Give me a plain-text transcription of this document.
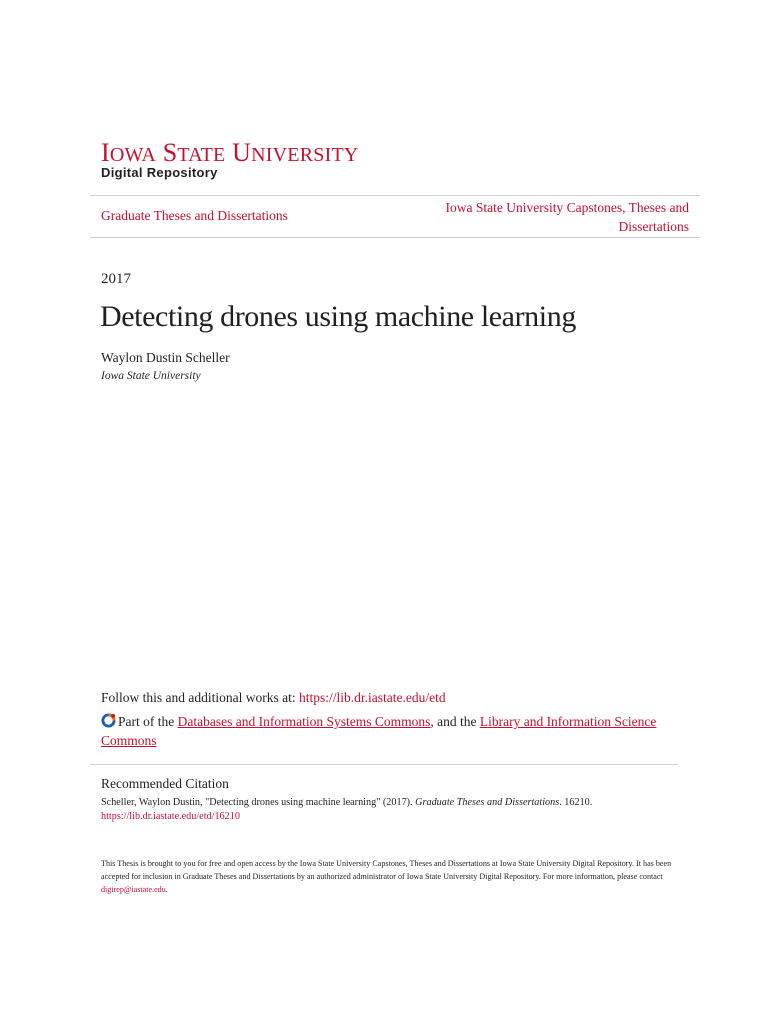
IOWA STATE UNIVERSITY
Digital Repository
Graduate Theses and Dissertations
Iowa State University Capstones, Theses and Dissertations
2017
Detecting drones using machine learning
Waylon Dustin Scheller
Iowa State University
Follow this and additional works at: https://lib.dr.iastate.edu/etd
Part of the Databases and Information Systems Commons, and the Library and Information Science Commons
Recommended Citation
Scheller, Waylon Dustin, "Detecting drones using machine learning" (2017). Graduate Theses and Dissertations. 16210.
https://lib.dr.iastate.edu/etd/16210
This Thesis is brought to you for free and open access by the Iowa State University Capstones, Theses and Dissertations at Iowa State University Digital Repository. It has been accepted for inclusion in Graduate Theses and Dissertations by an authorized administrator of Iowa State University Digital Repository. For more information, please contact digirep@iastate.edu.
